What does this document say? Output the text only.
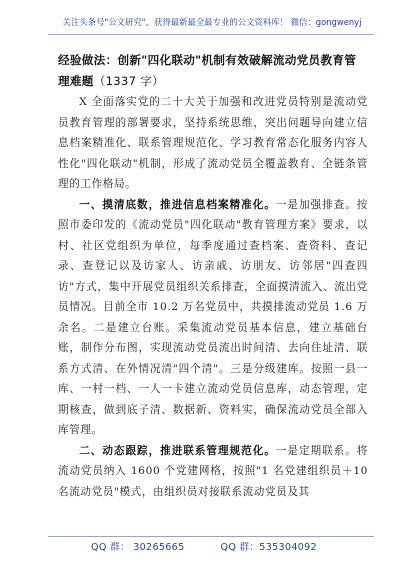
关注头条号"公文研究"，获得最新最全最专业的公文资料库！ 微信：gongwenyj

经验做法：创新"四化联动"机制有效破解流动党员教育管理难题（1337 字）

X 全面落实党的二十大关于加强和改进党员特别是流动党员教育管理的部署要求，坚持系统思维，突出问题导向建立信息档案精准化、联系管理规范化、学习教育常态化服务内容人性化"四化联动"机制，形成了流动党员全覆盖教育、全链条管理的工作格局。

一、摸清底数，推进信息档案精准化。一是加强排查。按照市委印发的《流动党员"四化联动"教育管理方案》要求，以村、社区党组织为单位，每季度通过查档案、查资料、查记录、查登记以及访家人、访亲戚、访朋友、访邻居"四查四访"方式，集中开展党员组织关系排查，全面摸清流入、流出党员情况。目前全市 10.2 万名党员中，共摸排流动党员 1.6 万余名。二是建立台账。采集流动党员基本信息，建立基础台账，制作分布图，实现流动党员流出时间清、去向住址清、联系方式清、在外情况清"四个清"。三是分级建库。按照一县一库、一村一档、一人一卡建立流动党员信息库，动态管理，定期核查，做到底子清、数据新、资料实，确保流动党员全部入库管理。

二、动态跟踪，推进联系管理规范化。一是定期联系。将流动党员纳入 1600 个党建网格，按照"1 名党建组织员＋10 名流动党员"模式，由组织员对接联系流动党员及其

QQ 群： 30265665	QQ 群：535304092
